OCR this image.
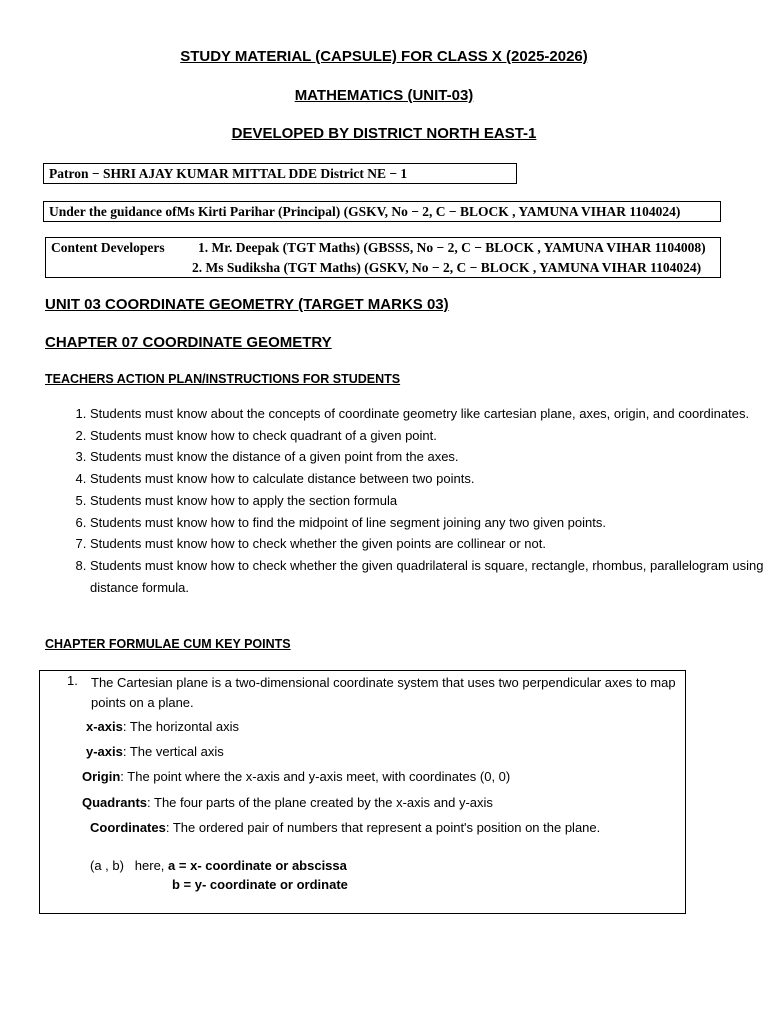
STUDY MATERIAL (CAPSULE) FOR CLASS X (2025-2026)
MATHEMATICS (UNIT-03)
DEVELOPED BY DISTRICT NORTH EAST-1
Patron − SHRI AJAY KUMAR MITTAL DDE District NE − 1
Under the guidance ofMs Kirti Parihar (Principal) (GSKV, No − 2, C − BLOCK , YAMUNA VIHAR 1104024)
Content Developers 1. Mr. Deepak (TGT Maths) (GBSSS, No − 2, C − BLOCK , YAMUNA VIHAR 1104008)
2. Ms Sudiksha (TGT Maths) (GSKV, No − 2, C − BLOCK , YAMUNA VIHAR 1104024)
UNIT 03 COORDINATE GEOMETRY (TARGET MARKS 03)
CHAPTER 07 COORDINATE GEOMETRY
TEACHERS ACTION PLAN/INSTRUCTIONS FOR STUDENTS
1. Students must know about the concepts of coordinate geometry like cartesian plane, axes, origin, and coordinates.
2. Students must know how to check quadrant of a given point.
3. Students must know the distance of a given point from the axes.
4. Students must know how to calculate distance between two points.
5. Students must know how to apply the section formula
6. Students must know how to find the midpoint of line segment joining any two given points.
7. Students must know how to check whether the given points are collinear or not.
8. Students must know how to check whether the given quadrilateral is square, rectangle, rhombus, parallelogram using distance formula.
CHAPTER FORMULAE CUM KEY POINTS
1. The Cartesian plane is a two-dimensional coordinate system that uses two perpendicular axes to map points on a plane.
x-axis: The horizontal axis
y-axis: The vertical axis
Origin: The point where the x-axis and y-axis meet, with coordinates (0, 0)
Quadrants: The four parts of the plane created by the x-axis and y-axis
Coordinates: The ordered pair of numbers that represent a point's position on the plane.
(a , b)   here, a = x- coordinate or abscissa
b = y- coordinate or ordinate
